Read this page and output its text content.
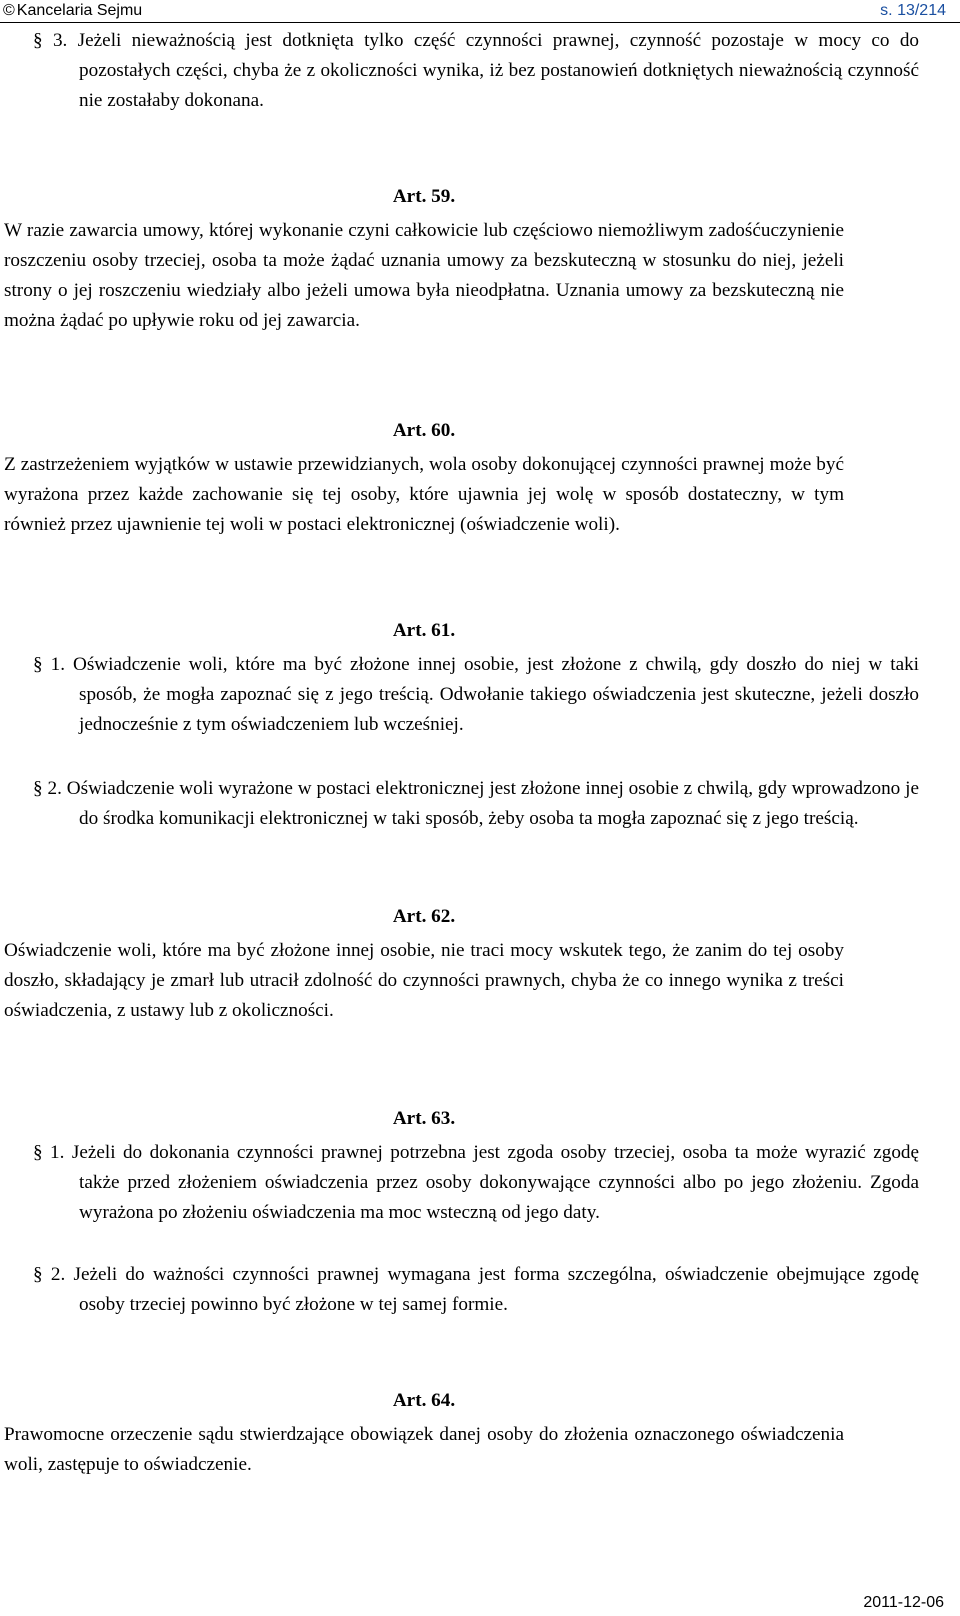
© Kancelaria Sejmu	s. 13/214
§ 3. Jeżeli nieważnością jest dotknięta tylko część czynności prawnej, czynność pozostaje w mocy co do pozostałych części, chyba że z okoliczności wynika, iż bez postanowień dotkniętych nieważnością czynność nie zostałaby dokonana.
Art. 59.
W razie zawarcia umowy, której wykonanie czyni całkowicie lub częściowo niemożliwym zadośćuczynienie roszczeniu osoby trzeciej, osoba ta może żądać uznania umowy za bezskuteczną w stosunku do niej, jeżeli strony o jej roszczeniu wiedziały albo jeżeli umowa była nieodpłatna. Uznania umowy za bezskuteczną nie można żądać po upływie roku od jej zawarcia.
Art. 60.
Z zastrzeżeniem wyjątków w ustawie przewidzianych, wola osoby dokonującej czynności prawnej może być wyrażona przez każde zachowanie się tej osoby, które ujawnia jej wolę w sposób dostateczny, w tym również przez ujawnienie tej woli w postaci elektronicznej (oświadczenie woli).
Art. 61.
§ 1. Oświadczenie woli, które ma być złożone innej osobie, jest złożone z chwilą, gdy doszło do niej w taki sposób, że mogła zapoznać się z jego treścią. Odwołanie takiego oświadczenia jest skuteczne, jeżeli doszło jednocześnie z tym oświadczeniem lub wcześniej.
§ 2. Oświadczenie woli wyrażone w postaci elektronicznej jest złożone innej osobie z chwilą, gdy wprowadzono je do środka komunikacji elektronicznej w taki sposób, żeby osoba ta mogła zapoznać się z jego treścią.
Art. 62.
Oświadczenie woli, które ma być złożone innej osobie, nie traci mocy wskutek tego, że zanim do tej osoby doszło, składający je zmarł lub utracił zdolność do czynności prawnych, chyba że co innego wynika z treści oświadczenia, z ustawy lub z okoliczności.
Art. 63.
§ 1. Jeżeli do dokonania czynności prawnej potrzebna jest zgoda osoby trzeciej, osoba ta może wyrazić zgodę także przed złożeniem oświadczenia przez osoby dokonywające czynności albo po jego złożeniu. Zgoda wyrażona po złożeniu oświadczenia ma moc wsteczną od jego daty.
§ 2. Jeżeli do ważności czynności prawnej wymagana jest forma szczególna, oświadczenie obejmujące zgodę osoby trzeciej powinno być złożone w tej samej formie.
Art. 64.
Prawomocne orzeczenie sądu stwierdzające obowiązek danej osoby do złożenia oznaczonego oświadczenia woli, zastępuje to oświadczenie.
2011-12-06
